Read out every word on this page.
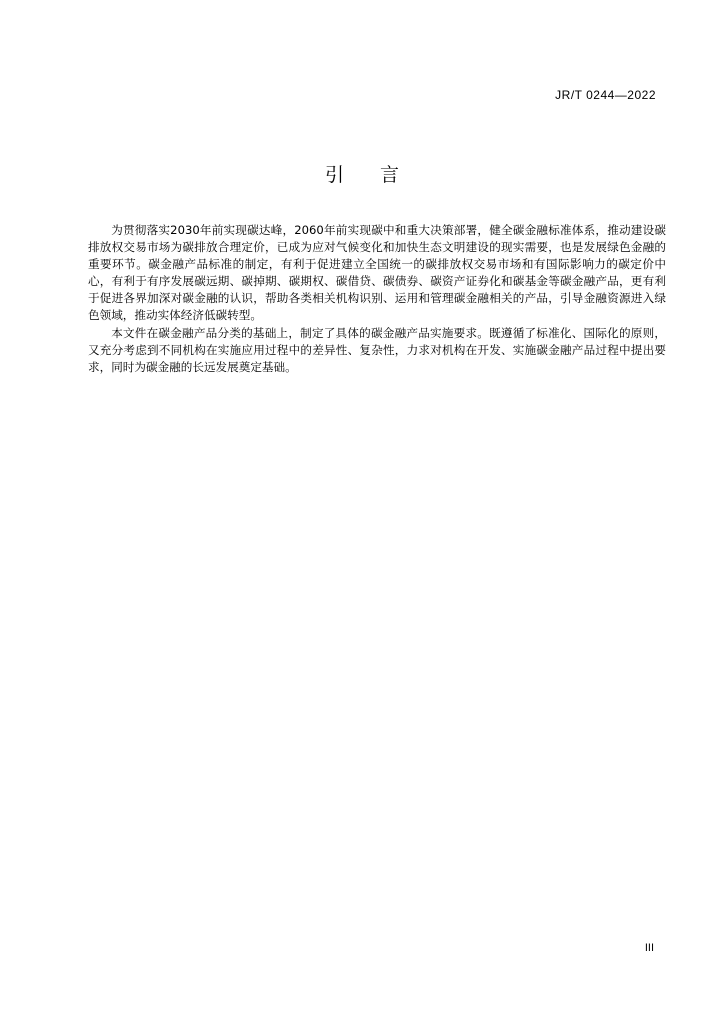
JR/T 0244—2022
引言

为贯彻落实2030年前实现碳达峰，2060年前实现碳中和重大决策部署，健全碳金融标准体系，推动建设碳排放权交易市场为碳排放合理定价，已成为应对气候变化和加快生态文明建设的现实需要，也是发展绿色金融的重要环节。碳金融产品标准的制定，有利于促进建立全国统一的碳排放权交易市场和有国际影响力的碳定价中心，有利于有序发展碳远期、碳掉期、碳期权、碳借贷、碳债券、碳资产证券化和碳基金等碳金融产品，更有利于促进各界加深对碳金融的认识，帮助各类相关机构识别、运用和管理碳金融相关的产品，引导金融资源进入绿色领域，推动实体经济低碳转型。

本文件在碳金融产品分类的基础上，制定了具体的碳金融产品实施要求。既遵循了标准化、国际化的原则，又充分考虑到不同机构在实施应用过程中的差异性、复杂性，力求对机构在开发、实施碳金融产品过程中提出要求，同时为碳金融的长远发展奠定基础。

III
